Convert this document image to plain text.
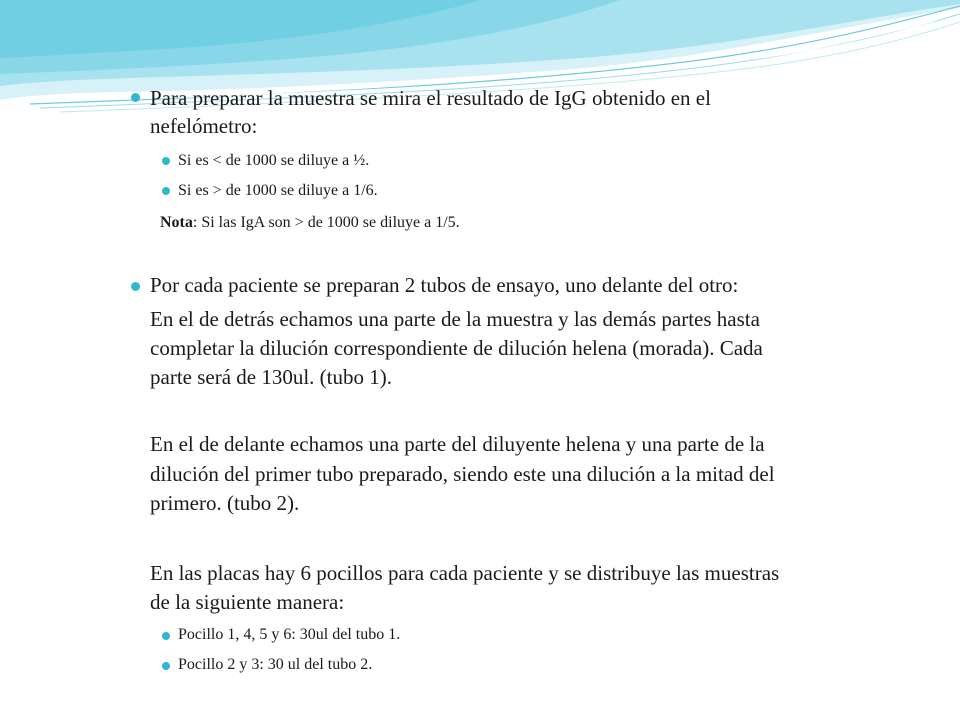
Para preparar la muestra se mira el resultado de IgG obtenido en el
nefelómetro:
Si es < de 1000 se diluye a ½.
Si es > de 1000 se diluye a 1/6.
Nota: Si las IgA son > de 1000 se diluye a 1/5.
Por cada paciente se preparan 2 tubos de ensayo, uno delante del otro:
En el de detrás echamos una parte de la muestra y las demás partes hasta
completar la dilución correspondiente de dilución helena (morada). Cada
parte será de 130ul. (tubo 1).
En el de delante echamos una parte del diluyente helena y una parte de la
dilución del primer tubo preparado, siendo este una dilución a la mitad del
primero. (tubo 2).
En las placas hay 6 pocillos para cada paciente y se distribuye las muestras
de la siguiente manera:
Pocillo 1, 4, 5 y 6: 30ul del tubo 1.
Pocillo 2 y 3: 30 ul del tubo 2.
